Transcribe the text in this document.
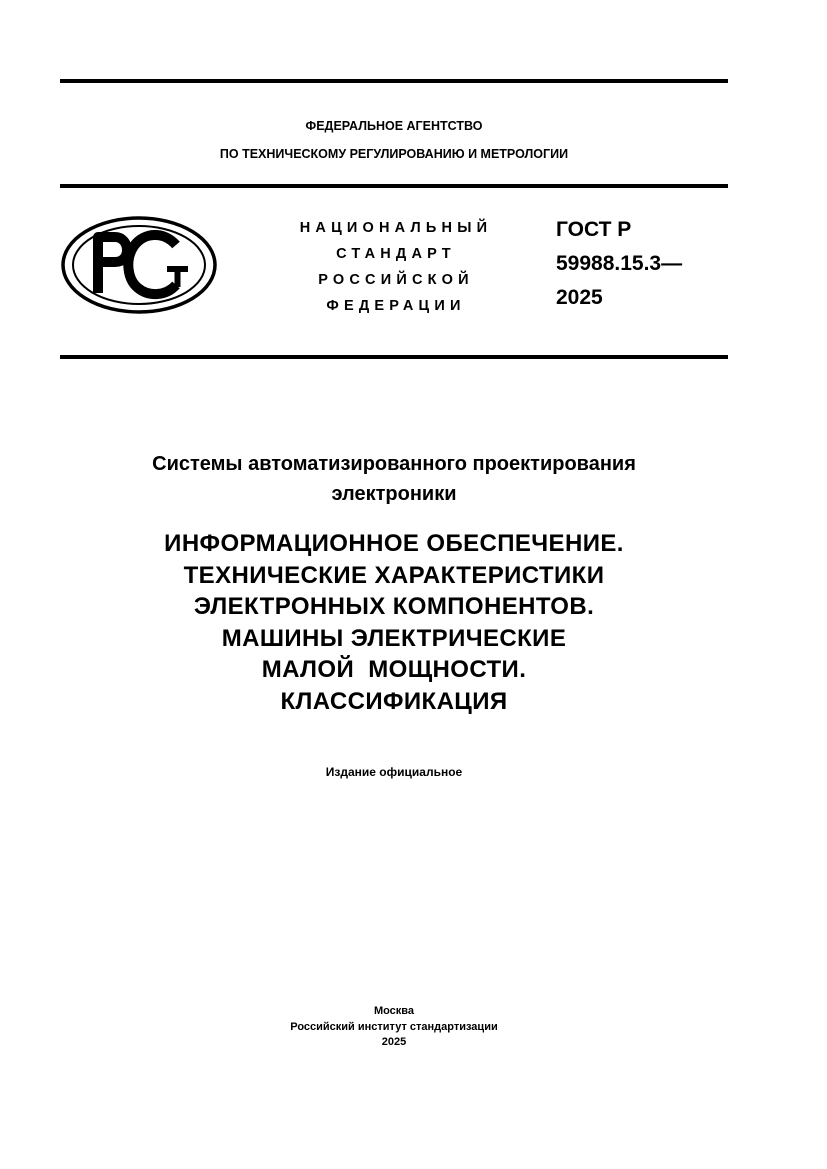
ФЕДЕРАЛЬНОЕ АГЕНТСТВО
ПО ТЕХНИЧЕСКОМУ РЕГУЛИРОВАНИЮ И МЕТРОЛОГИИ
НАЦИОНАЛЬНЫЙ
СТАНДАРТ
РОССИЙСКОЙ
ФЕДЕРАЦИИ
ГОСТ Р
59988.15.3—
2025
Системы автоматизированного проектирования
электроники
ИНФОРМАЦИОННОЕ ОБЕСПЕЧЕНИЕ.
ТЕХНИЧЕСКИЕ ХАРАКТЕРИСТИКИ
ЭЛЕКТРОННЫХ КОМПОНЕНТОВ.
МАШИНЫ ЭЛЕКТРИЧЕСКИЕ
МАЛОЙ  МОЩНОСТИ.
КЛАССИФИКАЦИЯ
Издание официальное
Москва
Российский институт стандартизации
2025
